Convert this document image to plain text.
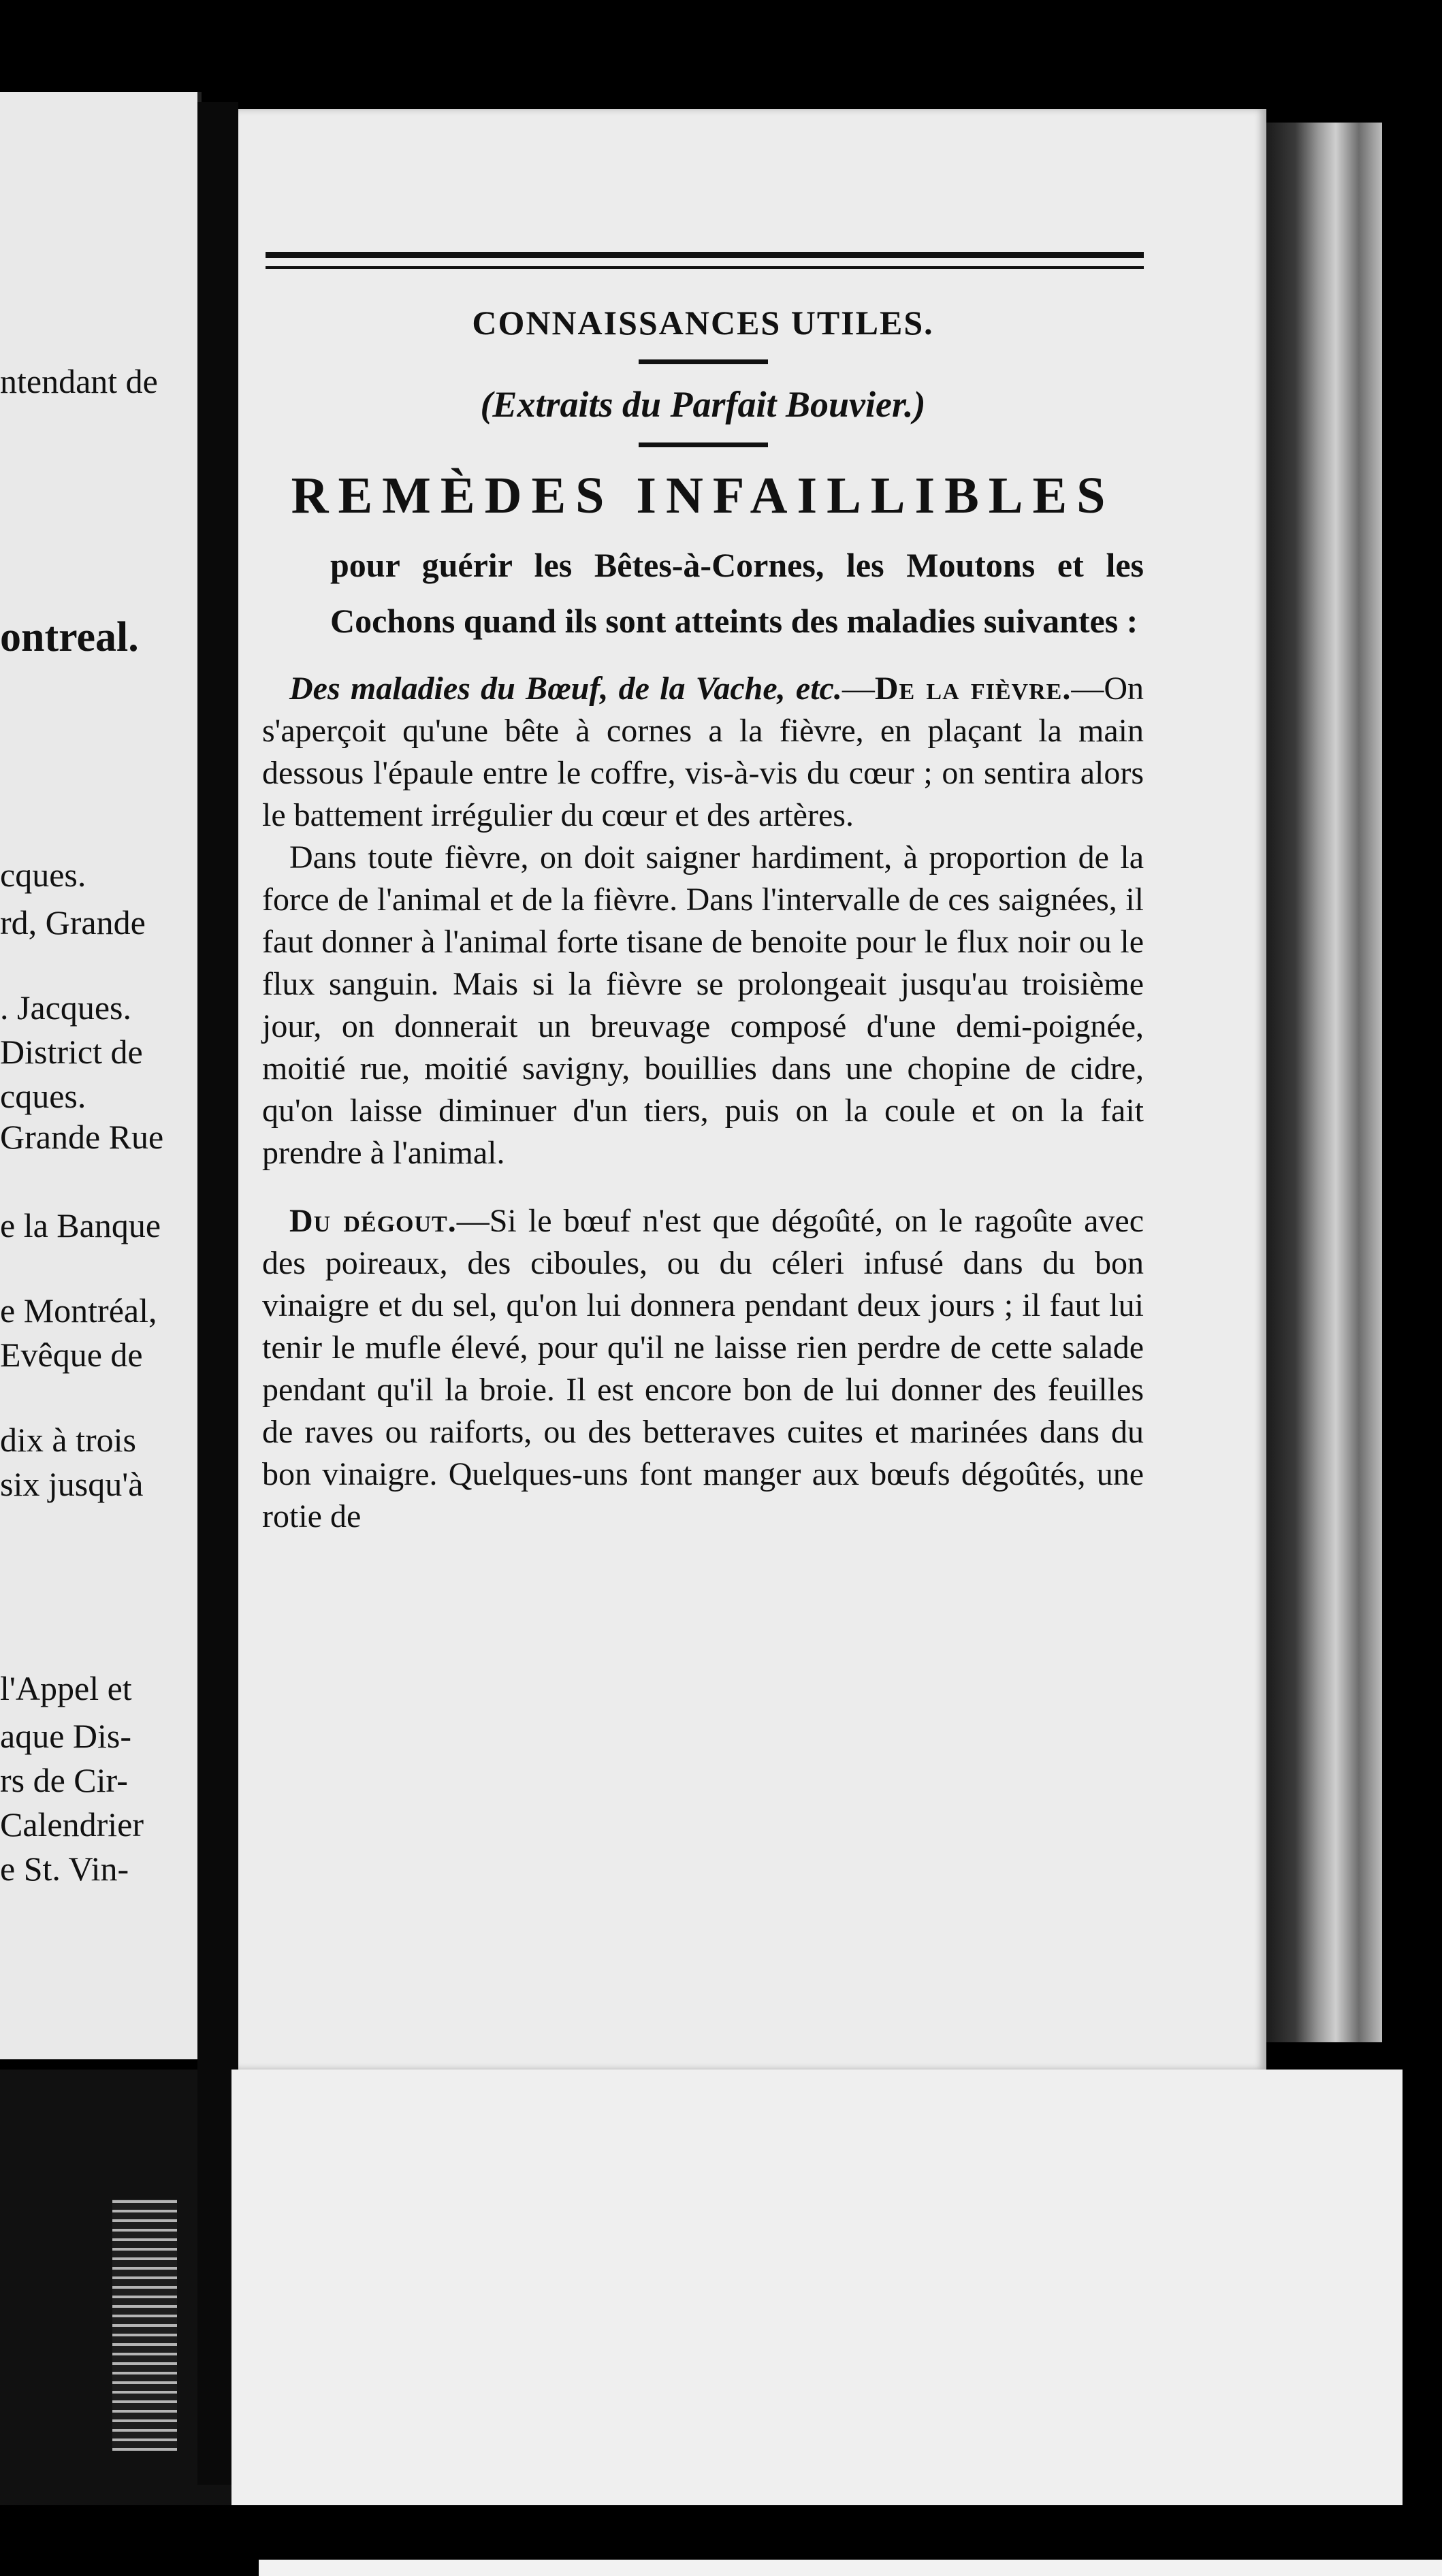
ntendant de
ontreal.
cques.
rd, Grande
. Jacques.
District de
cques.
Grande Rue
e la Banque
e Montréal,
Evêque de
dix à trois
six jusqu'à
l'Appel et
aque Dis-
rs de Cir-
Calendrier
e St. Vin-
CONNAISSANCES UTILES.
(Extraits du Parfait Bouvier.)
REMÈDES INFAILLIBLES
pour guérir les Bêtes-à-Cornes, les Moutons et les Cochons quand ils sont atteints des maladies suivantes :

Des maladies du Bœuf, de la Vache, etc.—De la fièvre.—On s'aperçoit qu'une bête à cornes a la fièvre, en plaçant la main dessous l'épaule entre le coffre, vis-à-vis du cœur ; on sentira alors le battement irrégulier du cœur et des artères.

Dans toute fièvre, on doit saigner hardiment, à proportion de la force de l'animal et de la fièvre. Dans l'intervalle de ces saignées, il faut donner à l'animal forte tisane de benoite pour le flux noir ou le flux sanguin. Mais si la fièvre se prolongeait jusqu'au troisième jour, on donnerait un breuvage composé d'une demi-poignée, moitié rue, moitié savigny, bouillies dans une chopine de cidre, qu'on laisse diminuer d'un tiers, puis on la coule et on la fait prendre à l'animal.

Du dégout.—Si le bœuf n'est que dégoûté, on le ragoûte avec des poireaux, des ciboules, ou du céleri infusé dans du bon vinaigre et du sel, qu'on lui donnera pendant deux jours ; il faut lui tenir le mufle élevé, pour qu'il ne laisse rien perdre de cette salade pendant qu'il la broie. Il est encore bon de lui donner des feuilles de raves ou raiforts, ou des betteraves cuites et marinées dans du bon vinaigre. Quelques-uns font manger aux bœufs dégoûtés, une rotie de
